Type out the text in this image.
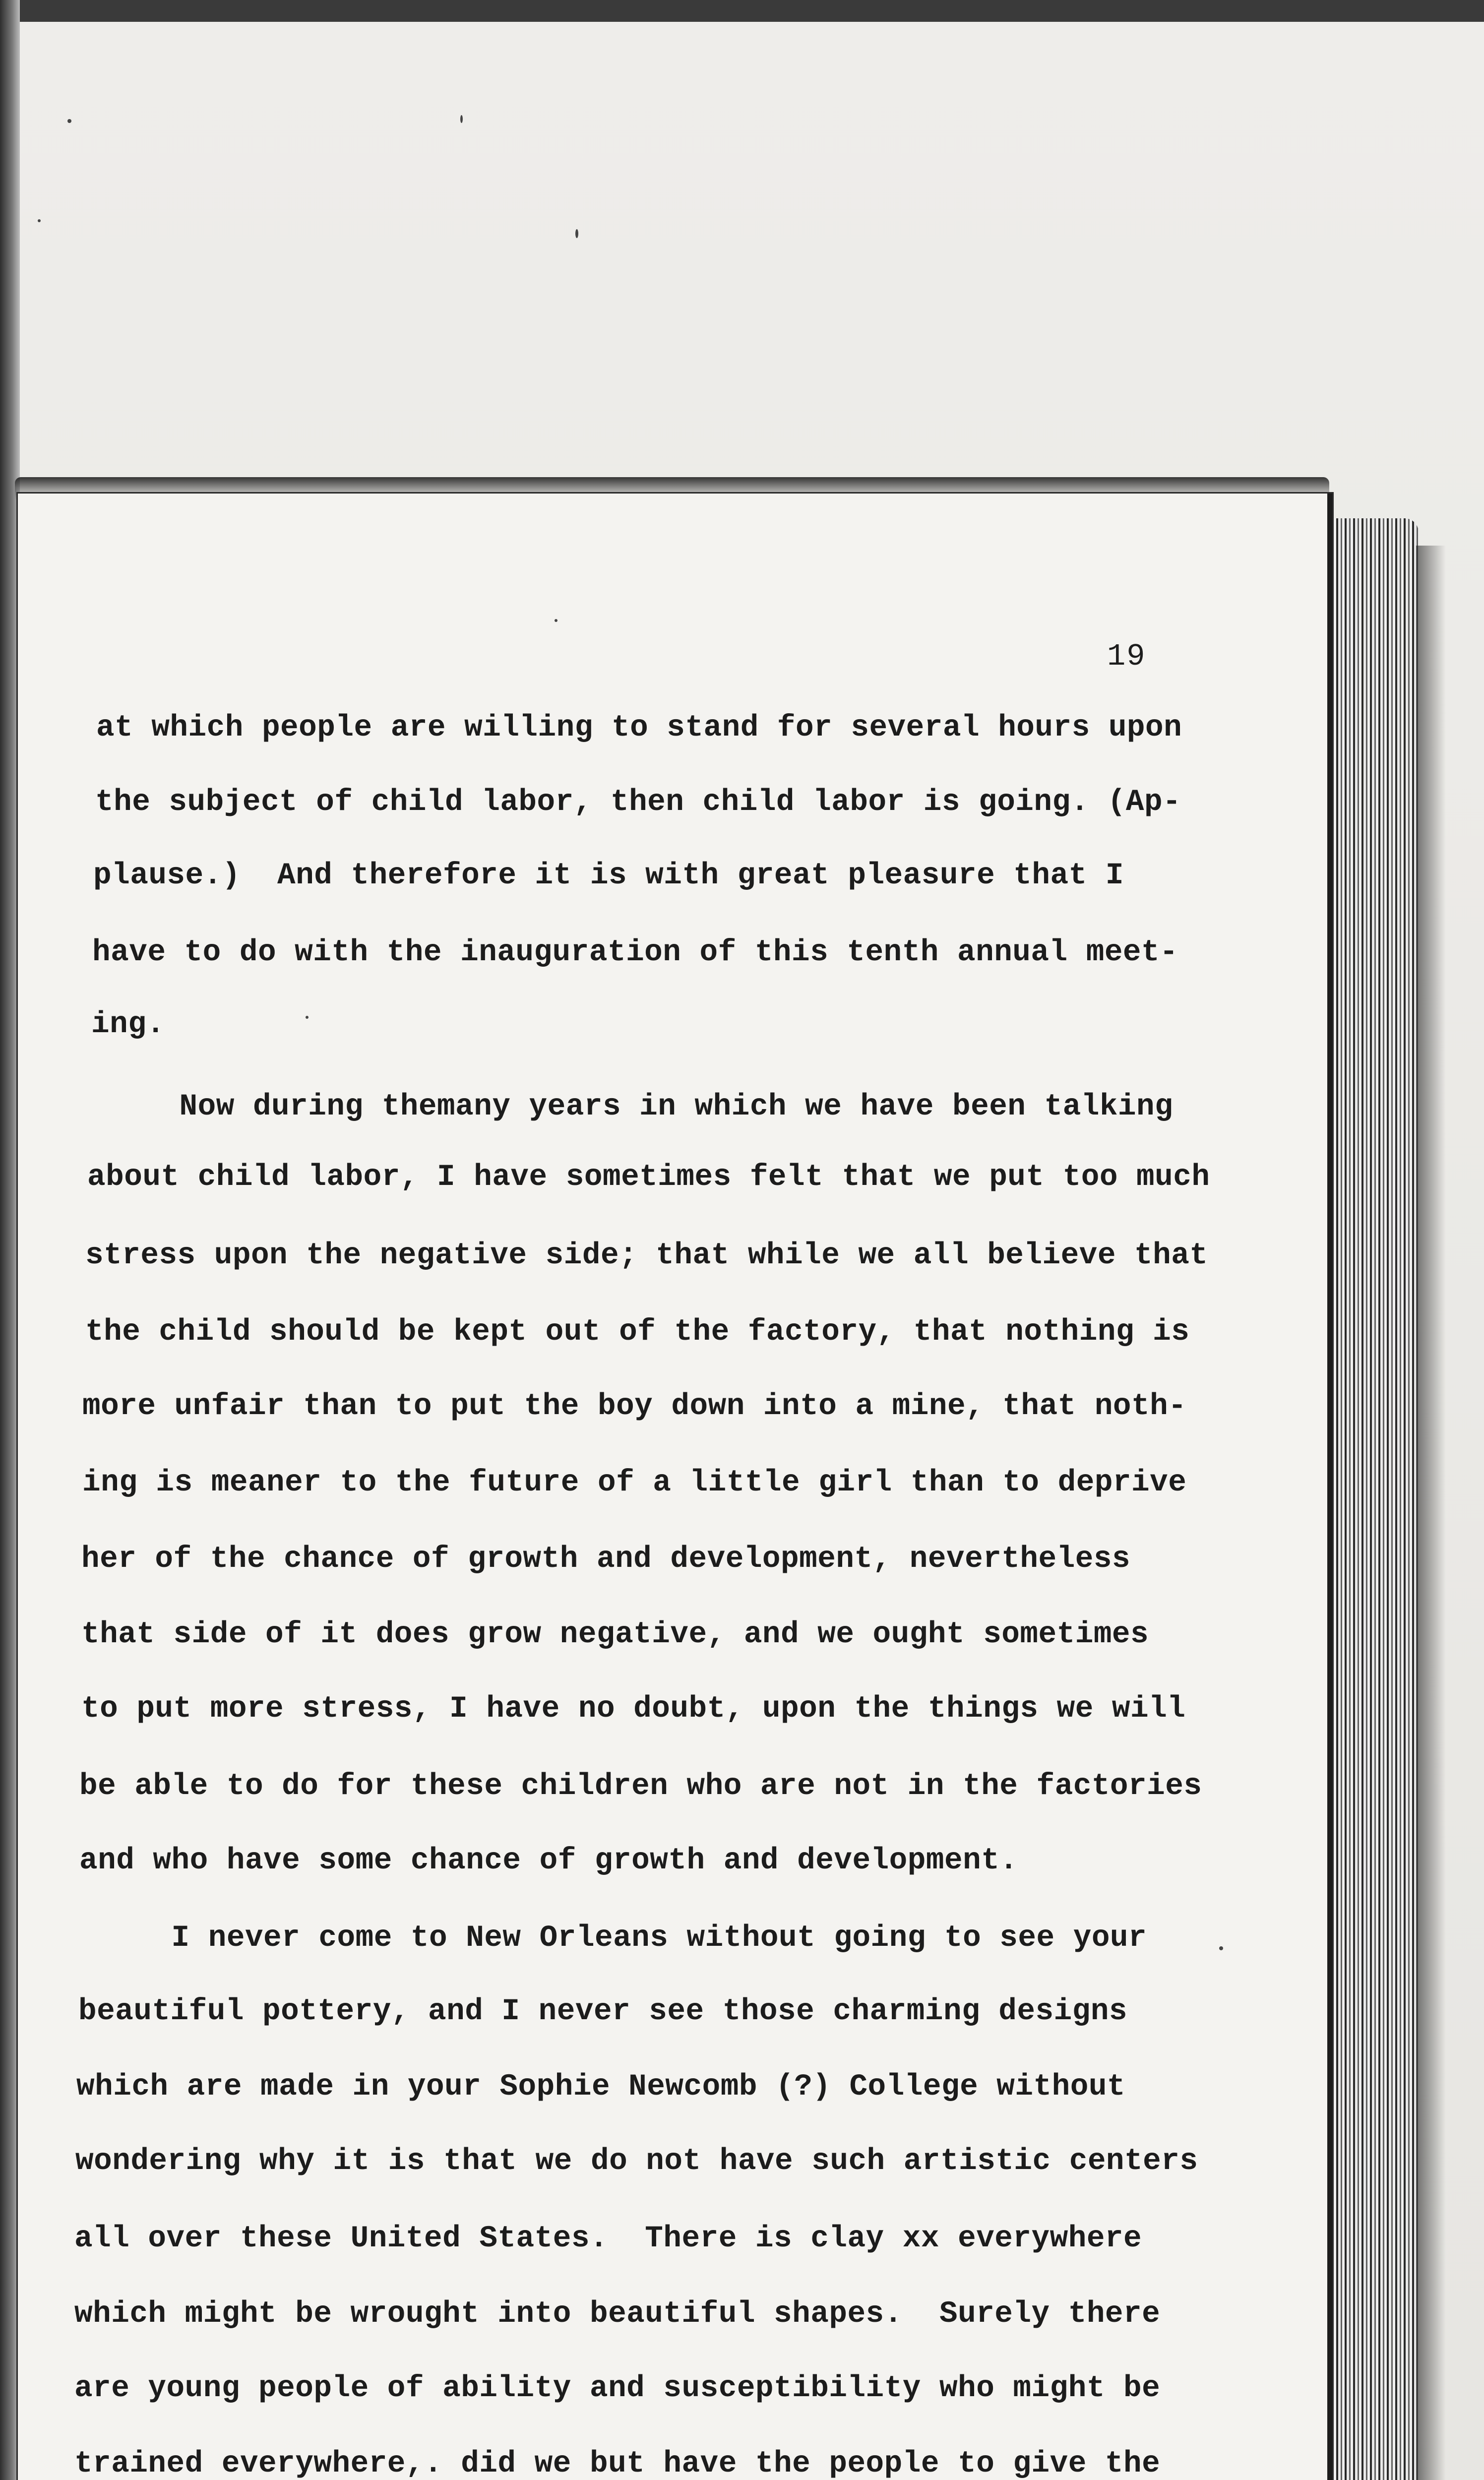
19
at which people are willing to stand for several hours upon
the subject of child labor, then child labor is going. (Ap-
plause.)  And therefore it is with great pleasure that I
have to do with the inauguration of this tenth annual meet-
ing.
Now during themany years in which we have been talking
about child labor, I have sometimes felt that we put too much
stress upon the negative side; that while we all believe that
the child should be kept out of the factory, that nothing is
more unfair than to put the boy down into a mine, that noth-
ing is meaner to the future of a little girl than to deprive
her of the chance of growth and development, nevertheless
that side of it does grow negative, and we ought sometimes
to put more stress, I have no doubt, upon the things we will
be able to do for these children who are not in the factories
and who have some chance of growth and development.
I never come to New Orleans without going to see your
beautiful pottery, and I never see those charming designs
which are made in your Sophie Newcomb (?) College without
wondering why it is that we do not have such artistic centers
all over these United States.  There is clay xx everywhere
which might be wrought into beautiful shapes.  Surely there
are young people of ability and susceptibility who might be
trained everywhere,. did we but have the people to give the
